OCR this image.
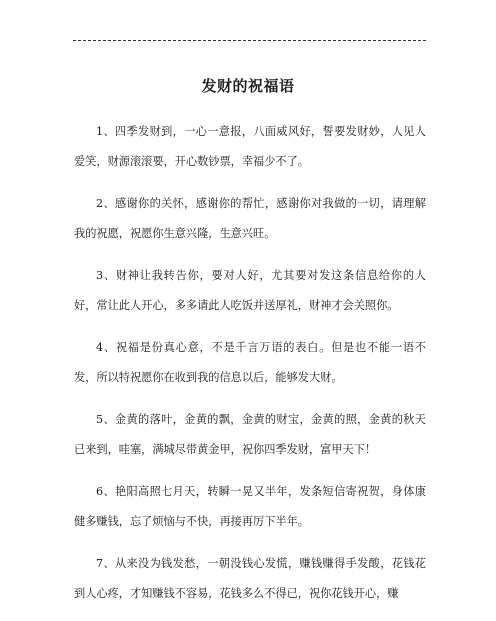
发财的祝福语

1、四季发财到，一心一意报，八面威风好，誓要发财妙，人见人爱笑，财源滚滚要，开心数钞票，幸福少不了。

2、感谢你的关怀，感谢你的帮忙，感谢你对我做的一切，请理解我的祝愿，祝愿你生意兴隆，生意兴旺。

3、财神让我转告你，要对人好，尤其要对发这条信息给你的人好，常让此人开心，多多请此人吃饭并送厚礼，财神才会关照你。

4、祝福是份真心意，不是千言万语的表白。但是也不能一语不发，所以特祝愿你在收到我的信息以后，能够发大财。

5、金黄的落叶，金黄的飘，金黄的财宝，金黄的照，金黄的秋天已来到，哇塞，满城尽带黄金甲，祝你四季发财，富甲天下！

6、艳阳高照七月天，转瞬一晃又半年，发条短信寄祝贺，身体康健多赚钱，忘了烦恼与不快，再接再厉下半年。

7、从来没为钱发愁，一朝没钱心发慌，赚钱赚得手发酸，花钱花到人心疼，才知赚钱不容易，花钱多么不得已，祝你花钱开心，赚
